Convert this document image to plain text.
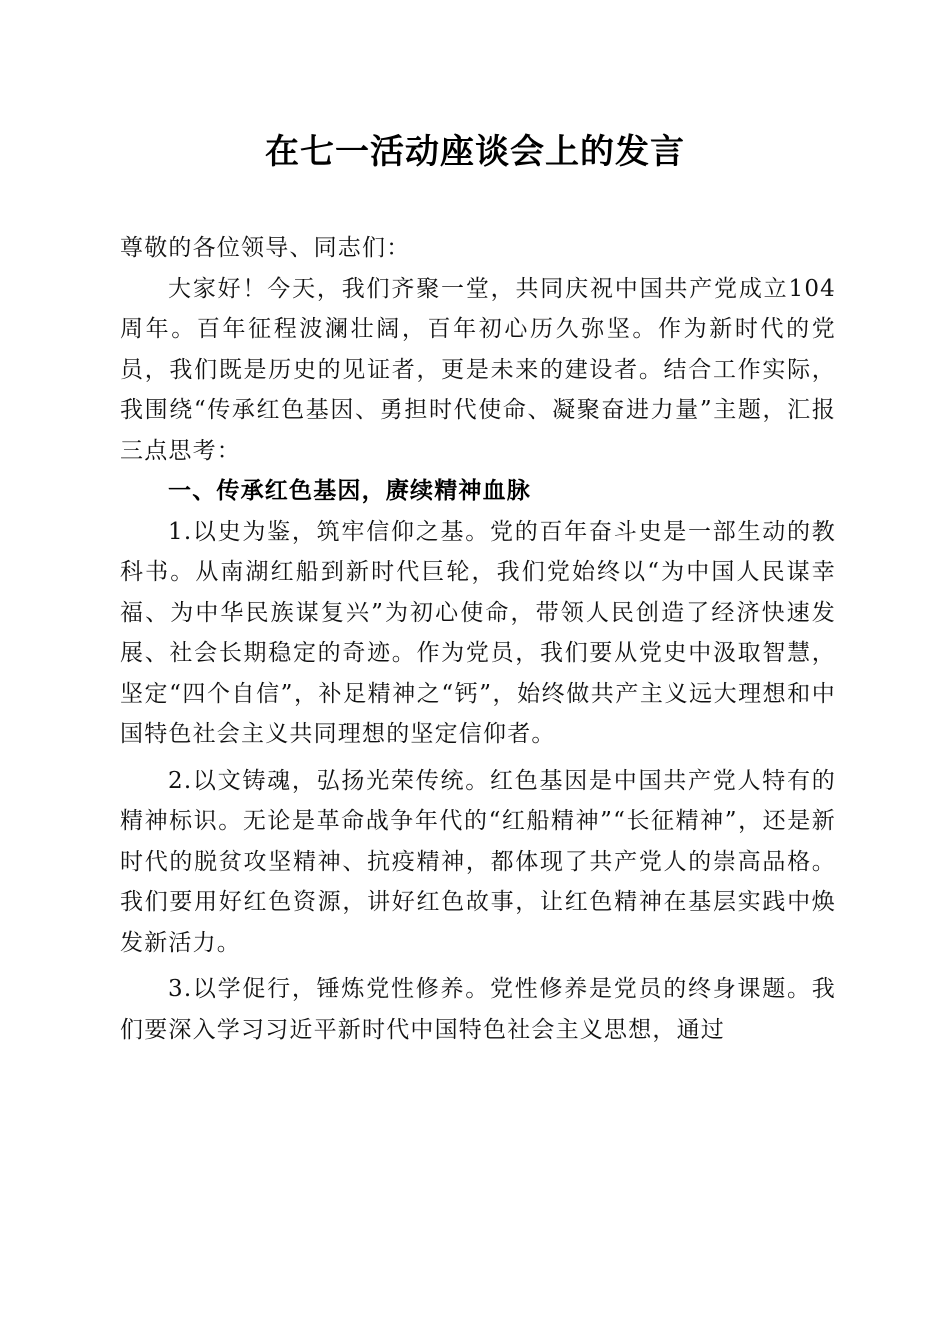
在七一活动座谈会上的发言

尊敬的各位领导、同志们：

大家好！今天，我们齐聚一堂，共同庆祝中国共产党成立104周年。百年征程波澜壮阔，百年初心历久弥坚。作为新时代的党员，我们既是历史的见证者，更是未来的建设者。结合工作实际，我围绕“传承红色基因、勇担时代使命、凝聚奋进力量”主题，汇报三点思考：

一、传承红色基因，赓续精神血脉

1.以史为鉴，筑牢信仰之基。党的百年奋斗史是一部生动的教科书。从南湖红船到新时代巨轮，我们党始终以“为中国人民谋幸福、为中华民族谋复兴”为初心使命，带领人民创造了经济快速发展、社会长期稳定的奇迹。作为党员，我们要从党史中汲取智慧，坚定“四个自信”，补足精神之“钙”，始终做共产主义远大理想和中国特色社会主义共同理想的坚定信仰者。

2.以文铸魂，弘扬光荣传统。红色基因是中国共产党人特有的精神标识。无论是革命战争年代的“红船精神”“长征精神”，还是新时代的脱贫攻坚精神、抗疫精神，都体现了共产党人的崇高品格。我们要用好红色资源，讲好红色故事，让红色精神在基层实践中焕发新活力。

3.以学促行，锤炼党性修养。党性修养是党员的终身课题。我们要深入学习习近平新时代中国特色社会主义思想，通过
